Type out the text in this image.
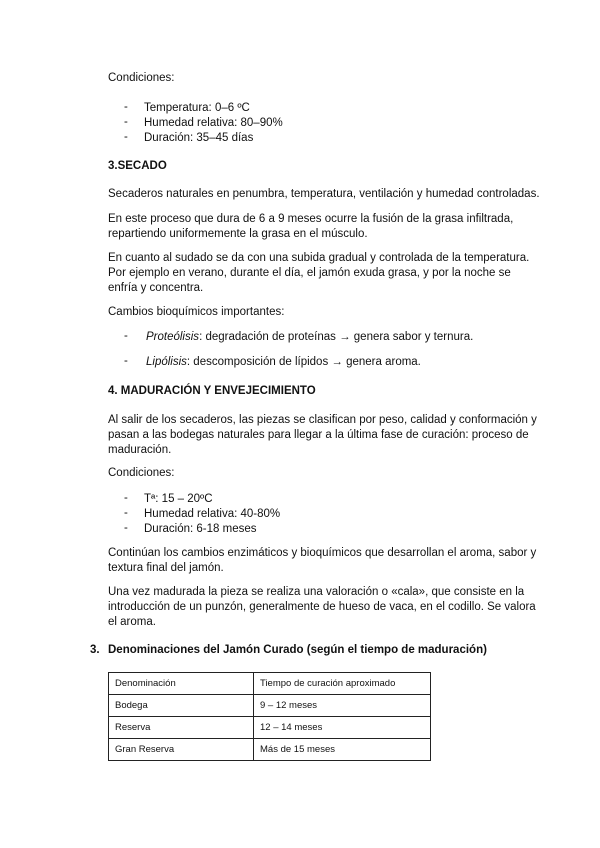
Condiciones:
- Temperatura: 0–6 ºC
- Humedad relativa: 80–90%
- Duración: 35–45 días
3.SECADO
Secaderos naturales en penumbra, temperatura, ventilación y humedad controladas.
En este proceso que dura de 6 a 9 meses ocurre la fusión de la grasa infiltrada,
repartiendo uniformemente la grasa en el músculo.
En cuanto al sudado se da con una subida gradual y controlada de la temperatura.
Por ejemplo en verano, durante el día, el jamón exuda grasa, y por la noche se
enfría y concentra.
Cambios bioquímicos importantes:
- Proteólisis: degradación de proteínas → genera sabor y ternura.
- Lipólisis: descomposición de lípidos → genera aroma.
4. MADURACIÓN Y ENVEJECIMIENTO
Al salir de los secaderos, las piezas se clasifican por peso, calidad y conformación y
pasan a las bodegas naturales para llegar a la última fase de curación: proceso de
maduración.
Condiciones:
- Tª: 15 – 20ºC
- Humedad relativa: 40-80%
- Duración: 6-18 meses
Continúan los cambios enzimáticos y bioquímicos que desarrollan el aroma, sabor y
textura final del jamón.
Una vez madurada la pieza se realiza una valoración o «cala», que consiste en la
introducción de un punzón, generalmente de hueso de vaca, en el codillo. Se valora
el aroma.
3. Denominaciones del Jamón Curado (según el tiempo de maduración)
Denominación	Tiempo de curación aproximado
Bodega	9 – 12 meses
Reserva	12 – 14 meses
Gran Reserva	Más de 15 meses
